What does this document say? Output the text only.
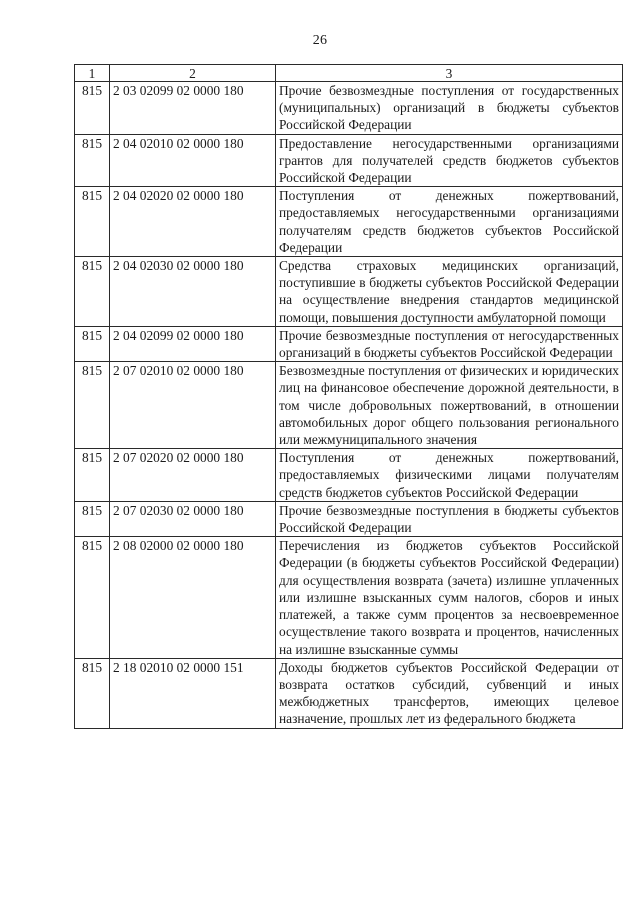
26
1	2	3
815	2 03 02099 02 0000 180	Прочие безвозмездные поступления от государственных (муниципальных) организаций в бюджеты субъектов Российской Федерации
815	2 04 02010 02 0000 180	Предоставление негосударственными организациями грантов для получателей средств бюджетов субъектов Российской Федерации
815	2 04 02020 02 0000 180	Поступления от денежных пожертвований, предоставляемых негосударственными организациями получателям средств бюджетов субъектов Российской Федерации
815	2 04 02030 02 0000 180	Средства страховых медицинских организаций, поступившие в бюджеты субъектов Российской Федерации на осуществление внедрения стандартов медицинской помощи, повышения доступности амбулаторной помощи
815	2 04 02099 02 0000 180	Прочие безвозмездные поступления от негосударственных организаций в бюджеты субъектов Российской Федерации
815	2 07 02010 02 0000 180	Безвозмездные поступления от физических и юридических лиц на финансовое обеспечение дорожной деятельности, в том числе добровольных пожертвований, в отношении автомобильных дорог общего пользования регионального или межмуниципального значения
815	2 07 02020 02 0000 180	Поступления от денежных пожертвований, предоставляемых физическими лицами получателям средств бюджетов субъектов Российской Федерации
815	2 07 02030 02 0000 180	Прочие безвозмездные поступления в бюджеты субъектов Российской Федерации
815	2 08 02000 02 0000 180	Перечисления из бюджетов субъектов Российской Федерации (в бюджеты субъектов Российской Федерации) для осуществления возврата (зачета) излишне уплаченных или излишне взысканных сумм налогов, сборов и иных платежей, а также сумм процентов за несвоевременное осуществление такого возврата и процентов, начисленных на излишне взысканные суммы
815	2 18 02010 02 0000 151	Доходы бюджетов субъектов Российской Федерации от возврата остатков субсидий, субвенций и иных межбюджетных трансфертов, имеющих целевое назначение, прошлых лет из федерального бюджета
